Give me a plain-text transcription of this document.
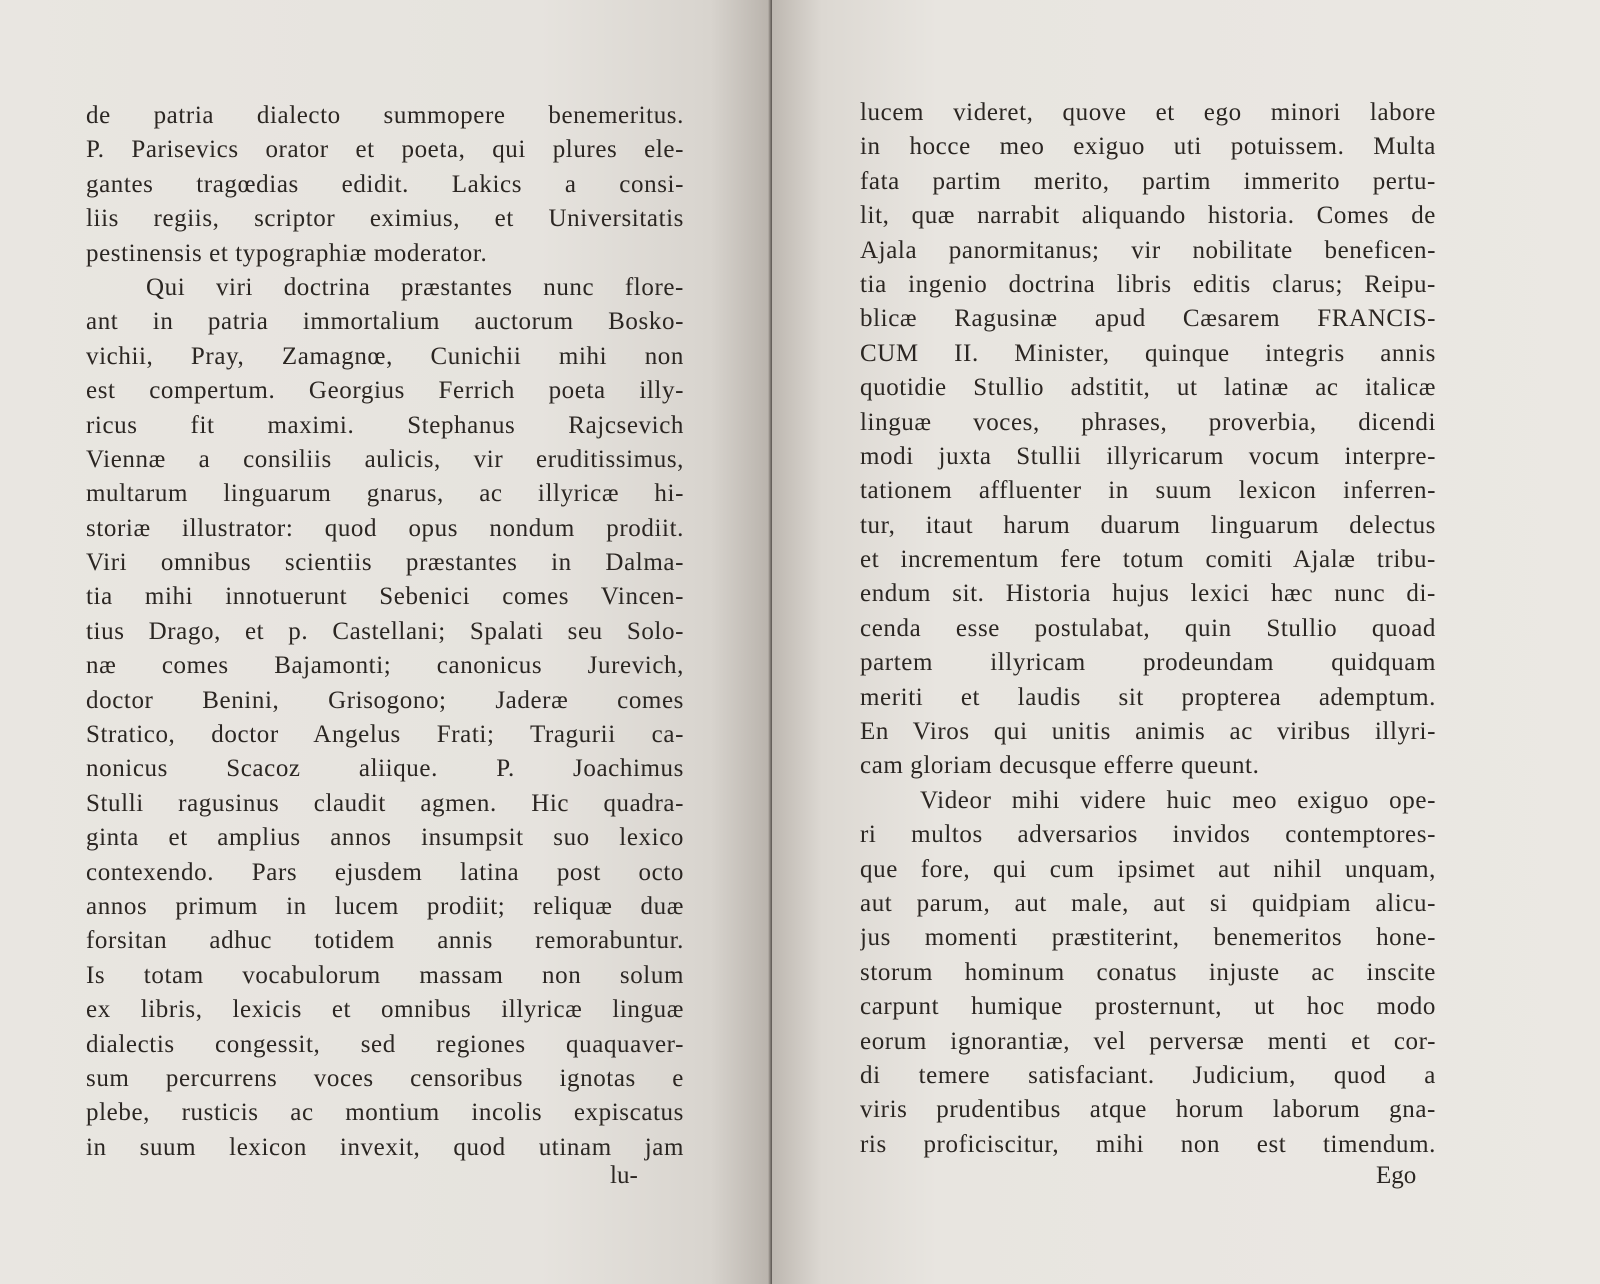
de patria dialecto summopere benemeritus.
P. Parisevics orator et poeta, qui plures ele-
gantes tragœdias edidit. Lakics a consi-
liis regiis, scriptor eximius, et Universitatis
pestinensis et typographiæ moderator.
Qui viri doctrina præstantes nunc flore-
ant in patria immortalium auctorum Bosko-
vichii, Pray, Zamagnœ, Cunichii mihi non
est compertum. Georgius Ferrich poeta illy-
ricus fit maximi. Stephanus Rajcsevich
Viennæ a consiliis aulicis, vir eruditissimus,
multarum linguarum gnarus, ac illyricæ hi-
storiæ illustrator: quod opus nondum prodiit.
Viri omnibus scientiis præstantes in Dalma-
tia mihi innotuerunt Sebenici comes Vincen-
tius Drago, et p. Castellani; Spalati seu Solo-
næ comes Bajamonti; canonicus Jurevich,
doctor Benini, Grisogono; Jaderæ comes
Stratico, doctor Angelus Frati; Tragurii ca-
nonicus Scacoz aliique. P. Joachimus
Stulli ragusinus claudit agmen. Hic quadra-
ginta et amplius annos insumpsit suo lexico
contexendo. Pars ejusdem latina post octo
annos primum in lucem prodiit; reliquæ duæ
forsitan adhuc totidem annis remorabuntur.
Is totam vocabulorum massam non solum
ex libris, lexicis et omnibus illyricæ linguæ
dialectis congessit, sed regiones quaquaver-
sum percurrens voces censoribus ignotas e
plebe, rusticis ac montium incolis expiscatus
in suum lexicon invexit, quod utinam jam
lu-
lucem videret, quove et ego minori labore
in hocce meo exiguo uti potuissem. Multa
fata partim merito, partim immerito pertu-
lit, quæ narrabit aliquando historia. Comes de
Ajala panormitanus; vir nobilitate beneficen-
tia ingenio doctrina libris editis clarus; Reipu-
blicæ Ragusinæ apud Cæsarem FRANCIS-
CUM II. Minister, quinque integris annis
quotidie Stullio adstitit, ut latinæ ac italicæ
linguæ voces, phrases, proverbia, dicendi
modi juxta Stullii illyricarum vocum interpre-
tationem affluenter in suum lexicon inferren-
tur, itaut harum duarum linguarum delectus
et incrementum fere totum comiti Ajalæ tribu-
endum sit. Historia hujus lexici hæc nunc di-
cenda esse postulabat, quin Stullio quoad
partem illyricam prodeundam quidquam
meriti et laudis sit propterea ademptum.
En Viros qui unitis animis ac viribus illyri-
cam gloriam decusque efferre queunt.
Videor mihi videre huic meo exiguo ope-
ri multos adversarios invidos contemptores-
que fore, qui cum ipsimet aut nihil unquam,
aut parum, aut male, aut si quidpiam alicu-
jus momenti præstiterint, benemeritos hone-
storum hominum conatus injuste ac inscite
carpunt humique prosternunt, ut hoc modo
eorum ignorantiæ, vel perversæ menti et cor-
di temere satisfaciant. Judicium, quod a
viris prudentibus atque horum laborum gna-
ris proficiscitur, mihi non est timendum.
Ego
